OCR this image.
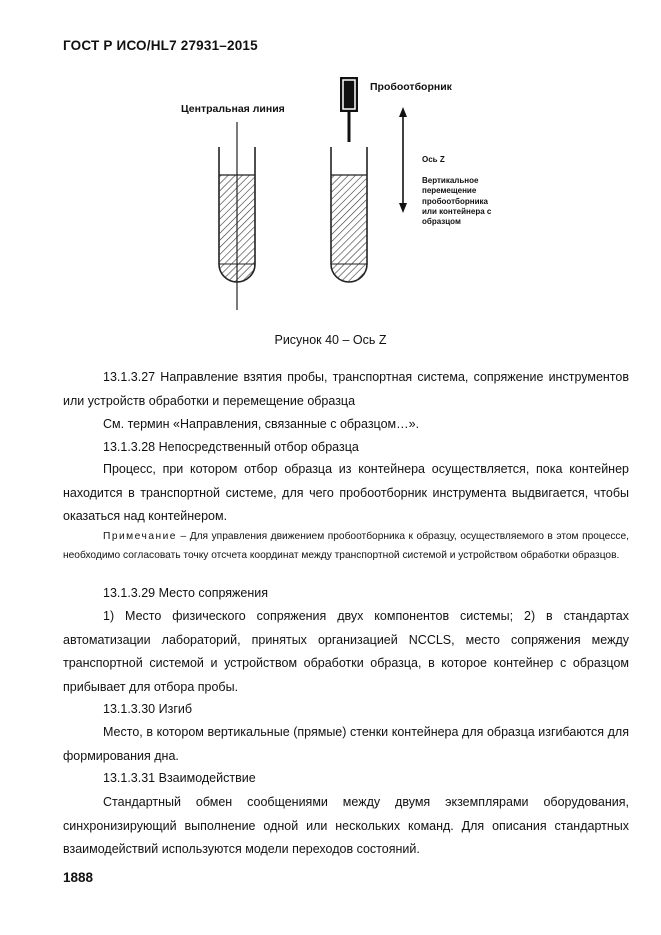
ГОСТ Р ИСО/HL7 27931–2015
Центральная линия
Пробоотборник
Ось Z
Вертикальное
перемещение
пробоотборника
или контейнера с
образцом
Рисунок 40 – Ось Z
13.1.3.27 Направление взятия пробы, транспортная система, сопряжение инструментов или устройств обработки и перемещение образца
См. термин «Направления, связанные с образцом…».
13.1.3.28 Непосредственный отбор образца
Процесс, при котором отбор образца из контейнера осуществляется, пока контейнер находится в транспортной системе, для чего пробоотборник инструмента выдвигается, чтобы оказаться над контейнером.
Примечание – Для управления движением пробоотборника к образцу, осуществляемого в этом процессе, необходимо согласовать точку отсчета координат между транспортной системой и устройством обработки образцов.
13.1.3.29 Место сопряжения
1) Место физического сопряжения двух компонентов системы; 2) в стандартах автоматизации лабораторий, принятых организацией NCCLS, место сопряжения между транспортной системой и устройством обработки образца, в которое контейнер с образцом прибывает для отбора пробы.
13.1.3.30 Изгиб
Место, в котором вертикальные (прямые) стенки контейнера для образца изгибаются для формирования дна.
13.1.3.31 Взаимодействие
Стандартный обмен сообщениями между двумя экземплярами оборудования, синхронизирующий выполнение одной или нескольких команд. Для описания стандартных взаимодействий используются модели переходов состояний.
1888
